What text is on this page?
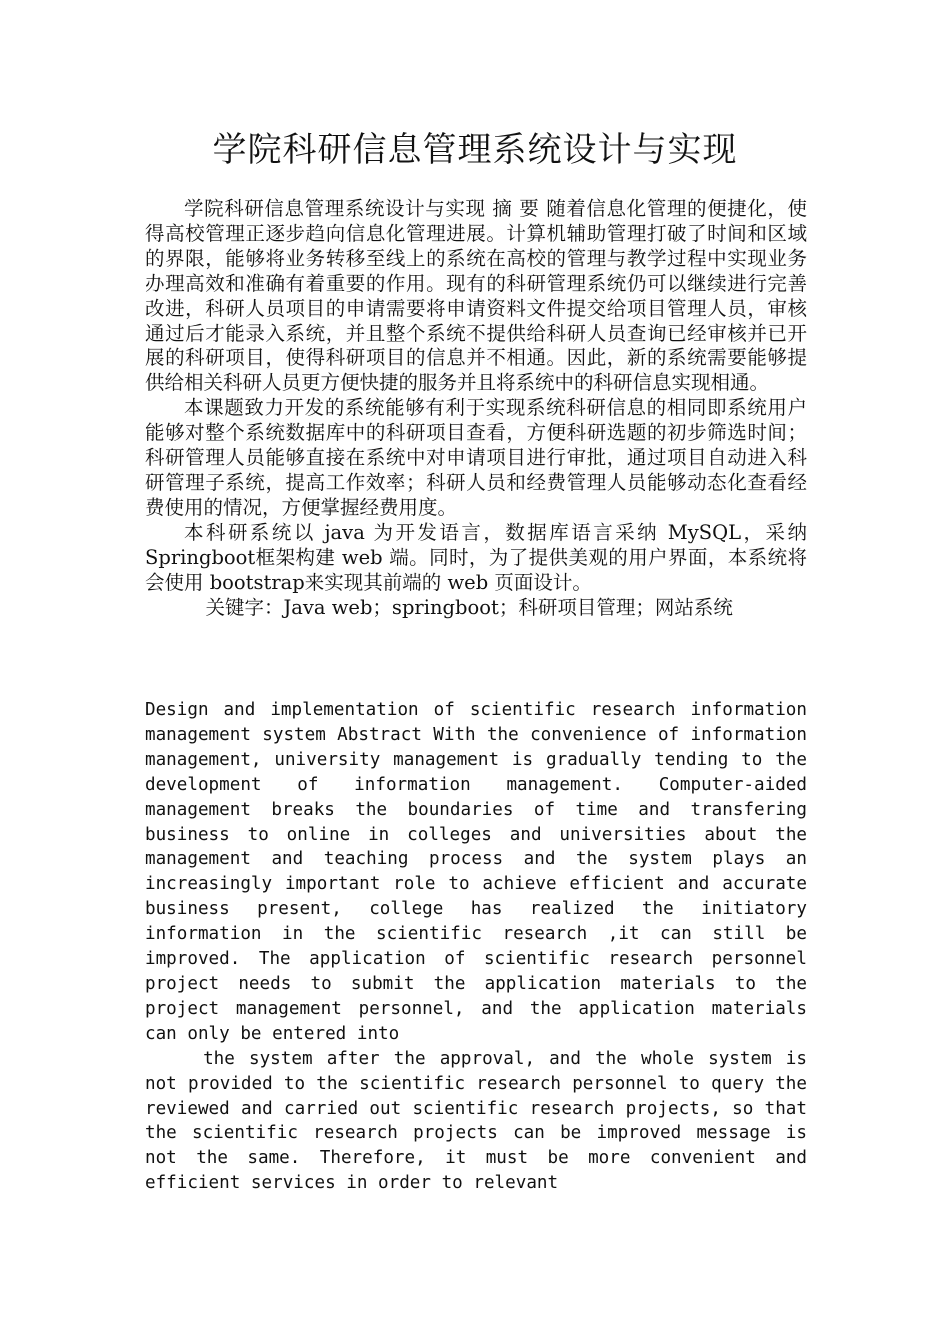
学院科研信息管理系统设计与实现

学院科研信息管理系统设计与实现 摘 要 随着信息化管理的便捷化，使得高校管理正逐步趋向信息化管理进展。计算机辅助管理打破了时间和区域的界限，能够将业务转移至线上的系统在高校的管理与教学过程中实现业务办理高效和准确有着重要的作用。现有的科研管理系统仍可以继续进行完善改进，科研人员项目的申请需要将申请资料文件提交给项目管理人员，审核通过后才能录入系统，并且整个系统不提供给科研人员查询已经审核并已开展的科研项目，使得科研项目的信息并不相通。因此，新的系统需要能够提供给相关科研人员更方便快捷的服务并且将系统中的科研信息实现相通。

本课题致力开发的系统能够有利于实现系统科研信息的相同即系统用户能够对整个系统数据库中的科研项目查看，方便科研选题的初步筛选时间；科研管理人员能够直接在系统中对申请项目进行审批，通过项目自动进入科研管理子系统，提高工作效率；科研人员和经费管理人员能够动态化查看经费使用的情况，方便掌握经费用度。

本科研系统以 java 为开发语言，数据库语言采纳 MySQL，采纳 Springboot框架构建 web 端。同时，为了提供美观的用户界面，本系统将会使用 bootstrap来实现其前端的 web 页面设计。

关键字：Java web；springboot；科研项目管理；网站系统

Design and implementation of scientific research information management system Abstract With the convenience of information management, university management is gradually tending to the development of information management. Computer-aided management breaks the boundaries of time and transfering business to online in colleges and universities about the management and teaching process and the system plays an increasingly important role to achieve efficient and accurate business present, college has realized the initiatory information in the scientific research ,it can still be improved. The application of scientific research personnel project needs to submit the application materials to the project management personnel, and the application materials can only be entered into

the system after the approval, and the whole system is not provided to the scientific research personnel to query the reviewed and carried out scientific research projects, so that the scientific research projects can be improved message is not the same. Therefore, it must be more convenient and efficient services in order to relevant
